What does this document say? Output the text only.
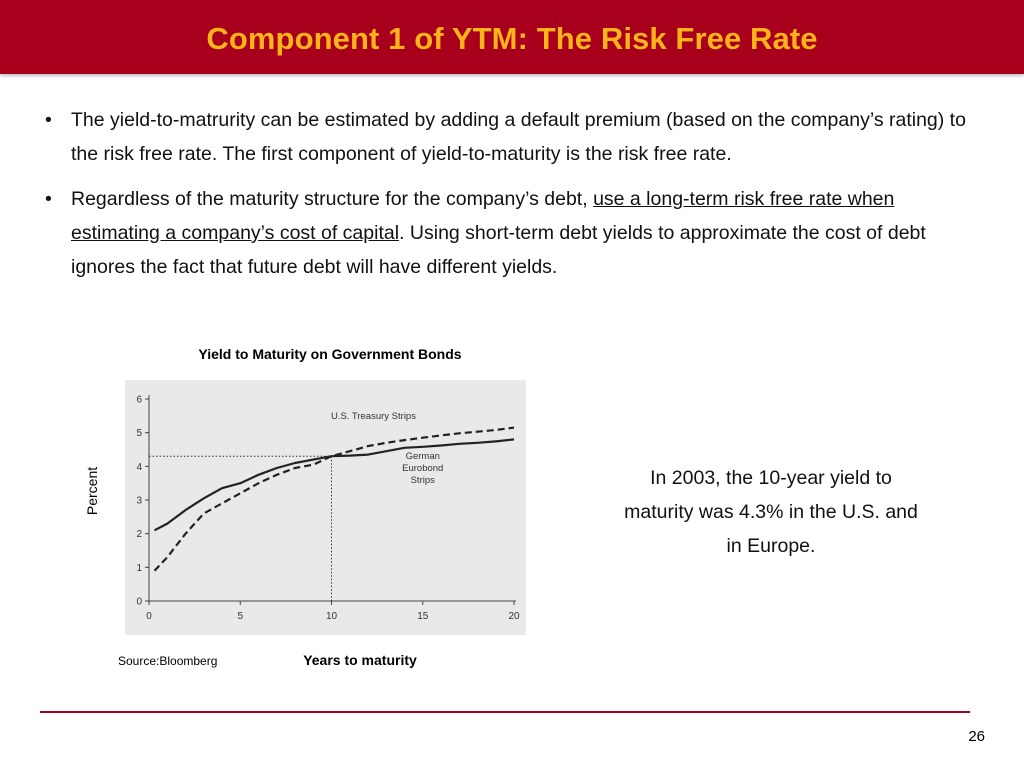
Component 1 of YTM: The Risk Free Rate
• The yield-to-matrurity can be estimated by adding a default premium (based on the company’s rating) to the risk free rate. The first component of yield-to-maturity is the risk free rate.
• Regardless of the maturity structure for the company’s debt, use a long-term risk free rate when estimating a company’s cost of capital. Using short-term debt yields to approximate the cost of debt ignores the fact that future debt will have different yields.
Yield to Maturity on Government Bonds
Percent
0
1
2
3
4
5
6
0	5	10	15	20
U.S. Treasury Strips
German
Eurobond
Strips
Years to maturity
Source:Bloomberg
In 2003, the 10-year yield to maturity was 4.3% in the U.S. and in Europe.
26
